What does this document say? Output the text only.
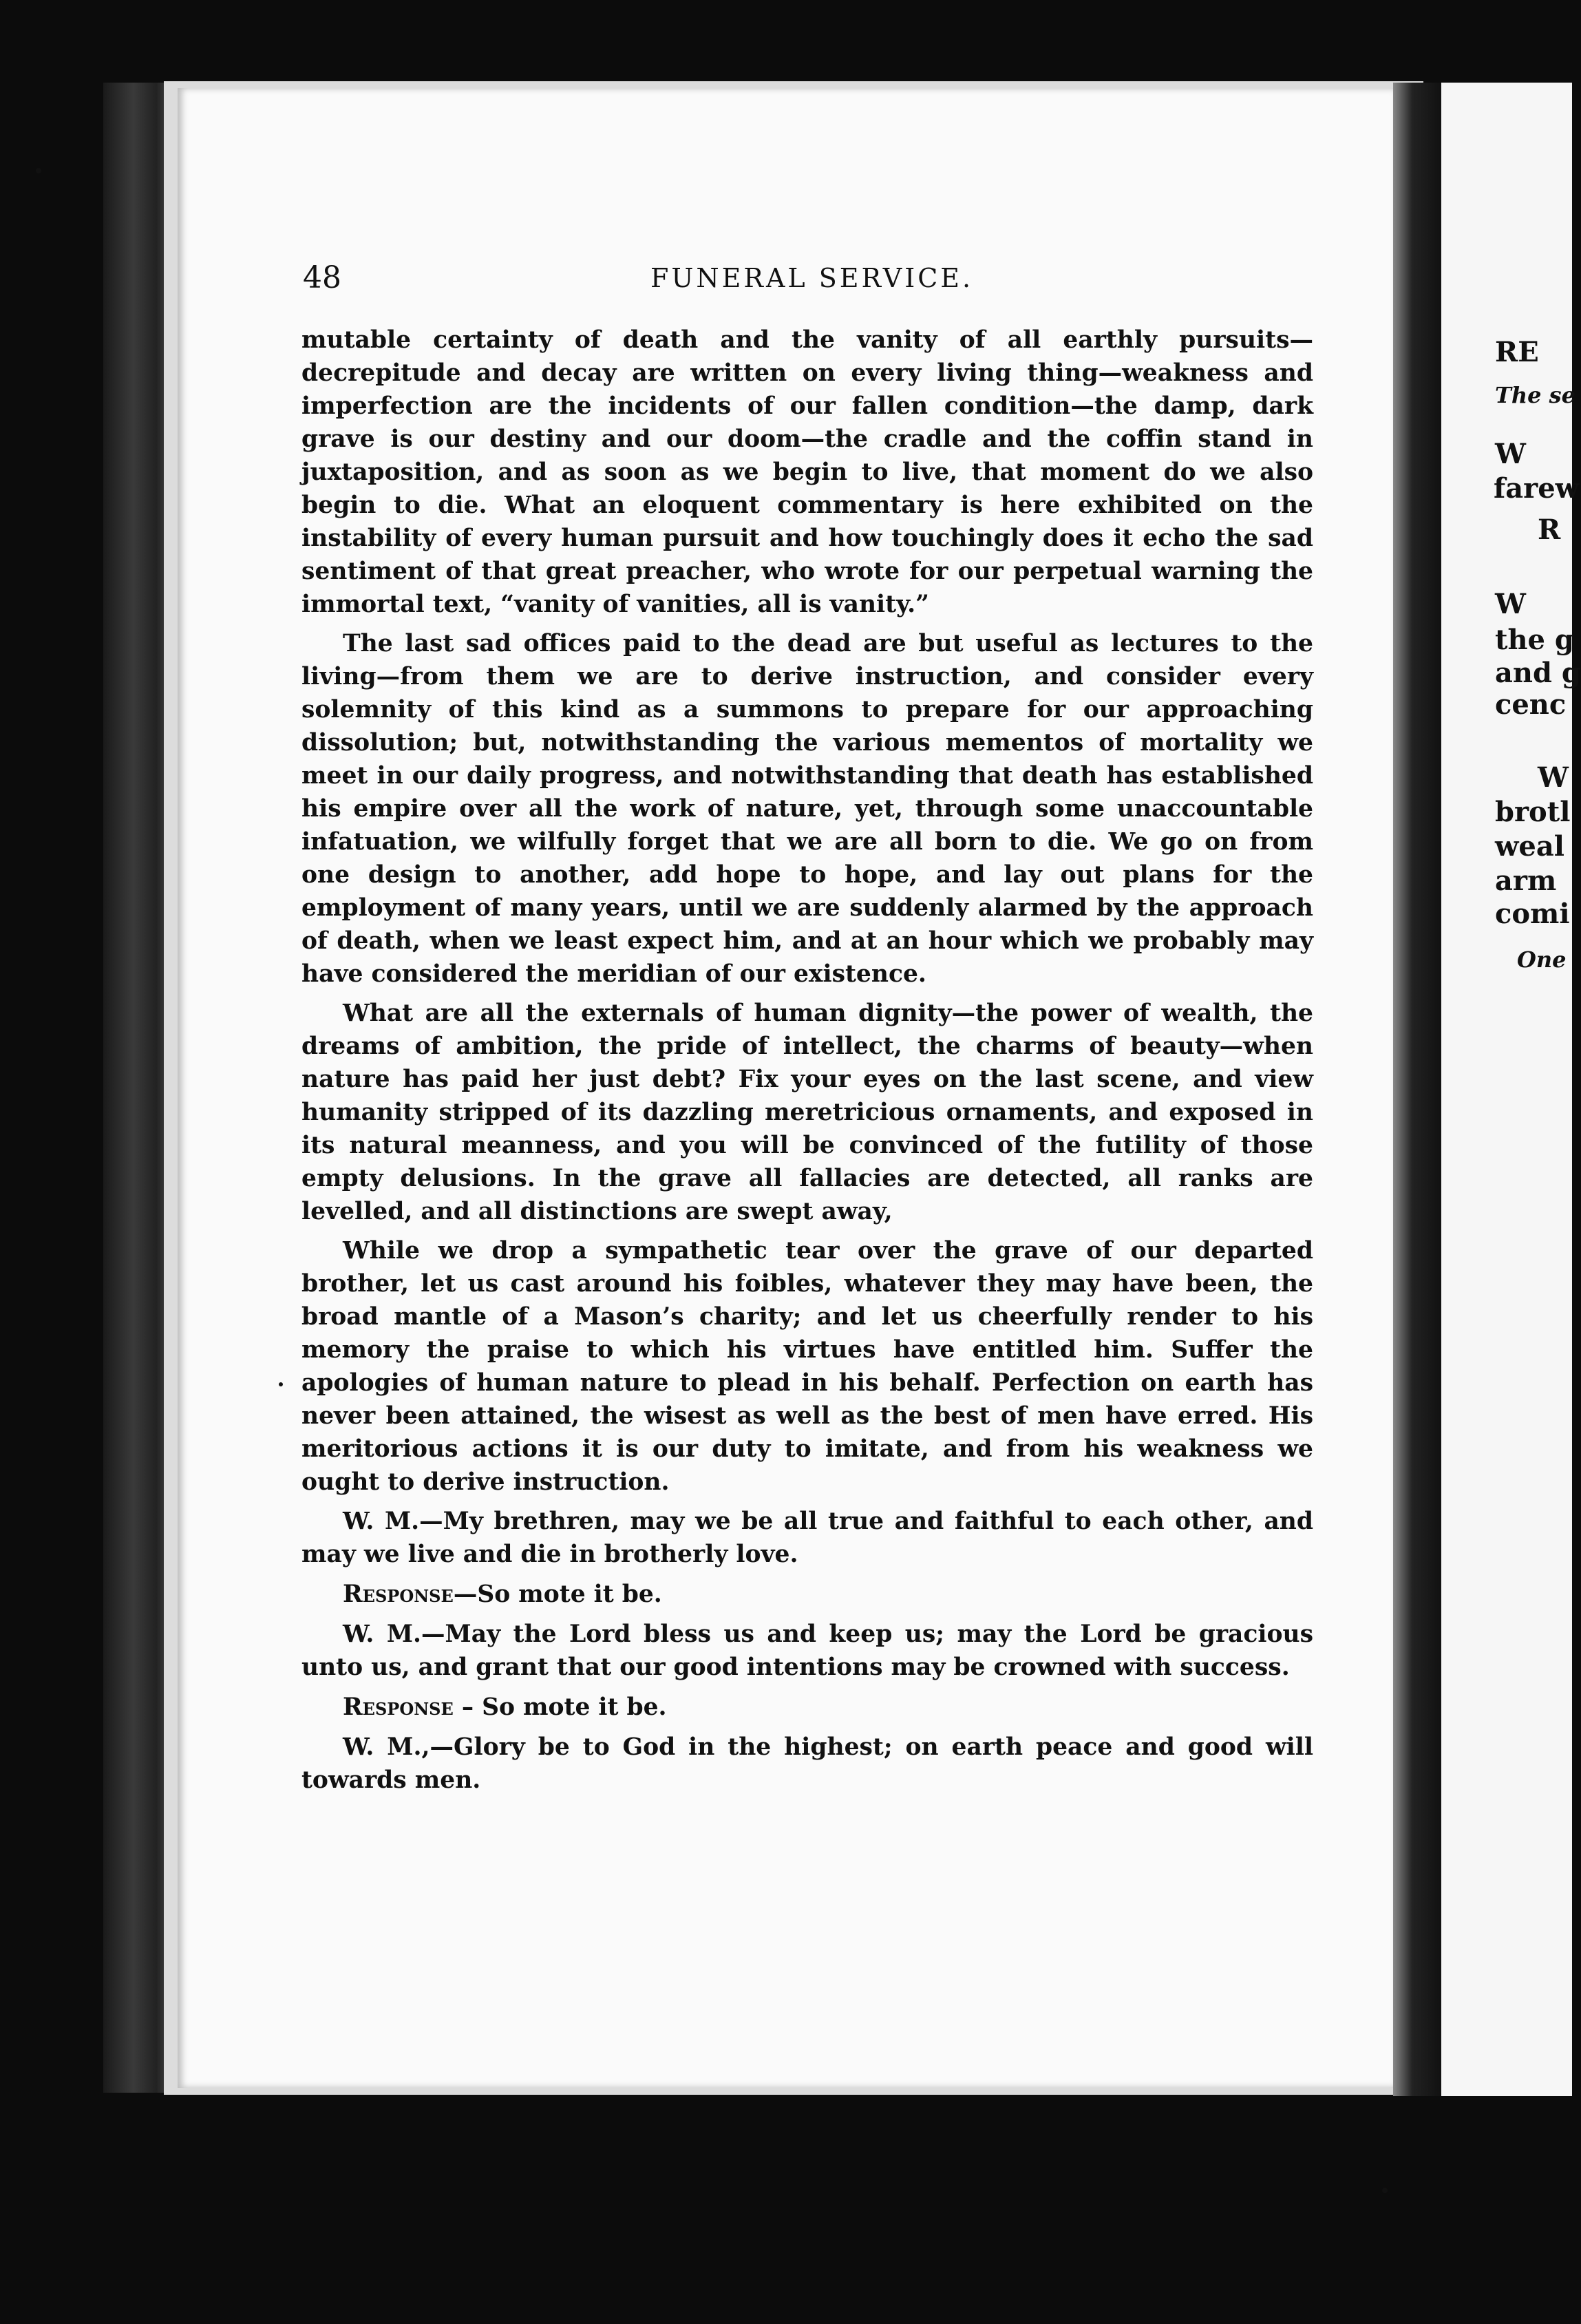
RE
The se
W
farew
R
W
the g
and g
cenc
W
brotl
weal
arm
comi
One
48	FUNERAL SERVICE.

mutable certainty of death and the vanity of all earthly pursuits—decrepitude and decay are written on every living thing—weakness and imperfection are the incidents of our fallen condition—the damp, dark grave is our destiny and our doom—the cradle and the coffin stand in juxtaposition, and as soon as we begin to live, that moment do we also begin to die. What an eloquent commentary is here exhibited on the instability of every human pursuit and how touchingly does it echo the sad sentiment of that great preacher, who wrote for our perpetual warning the immortal text, “vanity of vanities, all is vanity.”

The last sad offices paid to the dead are but useful as lectures to the living—from them we are to derive instruction, and consider every solemnity of this kind as a summons to prepare for our approaching dissolution; but, notwithstanding the various mementos of mortality we meet in our daily progress, and notwithstanding that death has established his empire over all the work of nature, yet, through some unaccountable infatuation, we wilfully forget that we are all born to die. We go on from one design to another, add hope to hope, and lay out plans for the employment of many years, until we are suddenly alarmed by the approach of death, when we least expect him, and at an hour which we probably may have considered the meridian of our existence.

What are all the externals of human dignity—the power of wealth, the dreams of ambition, the pride of intellect, the charms of beauty—when nature has paid her just debt? Fix your eyes on the last scene, and view humanity stripped of its dazzling meretricious ornaments, and exposed in its natural meanness, and you will be convinced of the futility of those empty delusions. In the grave all fallacies are detected, all ranks are levelled, and all distinctions are swept away,

While we drop a sympathetic tear over the grave of our departed brother, let us cast around his foibles, whatever they may have been, the broad mantle of a Mason’s charity; and let us cheerfully render to his memory the praise to which his virtues have entitled him. Suffer the apologies of human nature to plead in his behalf. Perfection on earth has never been attained, the wisest as well as the best of men have erred. His meritorious actions it is our duty to imitate, and from his weakness we ought to derive instruction.

W. M.—My brethren, may we be all true and faithful to each other, and may we live and die in brotherly love.

Response—So mote it be.

W. M.—May the Lord bless us and keep us; may the Lord be gracious unto us, and grant that our good intentions may be crowned with success.

Response – So mote it be.

W. M.,—Glory be to God in the highest; on earth peace and good will towards men.
